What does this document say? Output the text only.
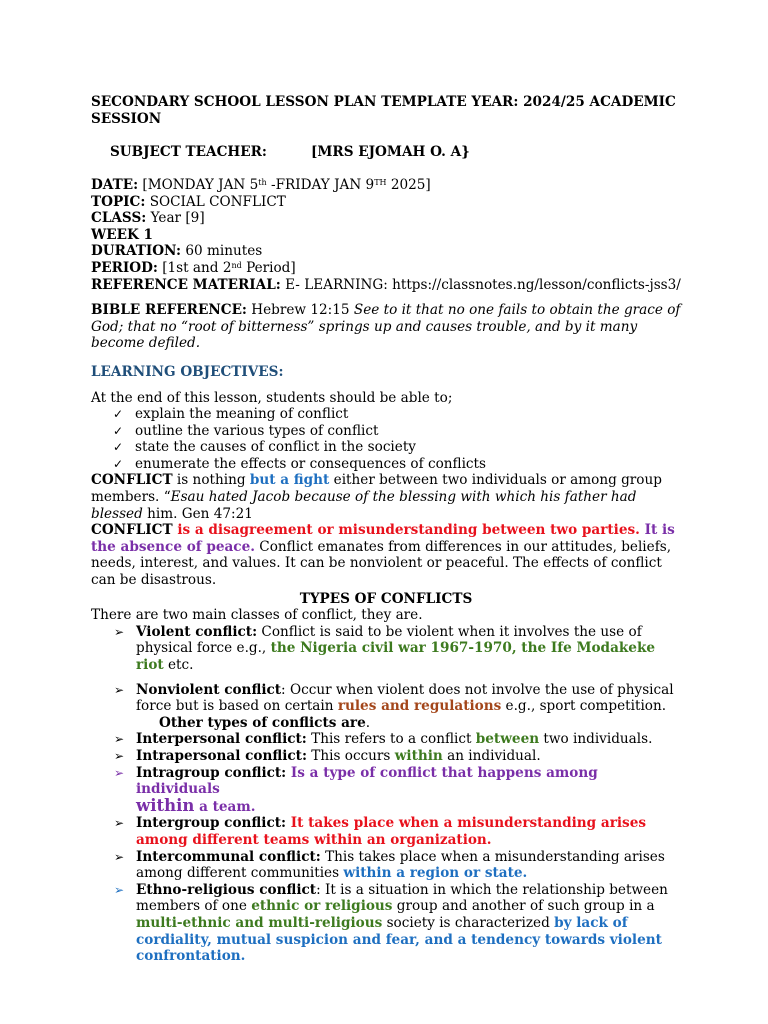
SECONDARY SCHOOL LESSON PLAN TEMPLATE YEAR: 2024/25 ACADEMIC
SESSION

SUBJECT TEACHER:	[MRS EJOMAH O. A}

DATE: [MONDAY JAN 5th -FRIDAY JAN 9TH 2025]

TOPIC: SOCIAL CONFLICT

CLASS: Year [9]

WEEK 1

DURATION: 60 minutes

PERIOD: [1st and 2nd Period]

REFERENCE MATERIAL: E- LEARNING: https://classnotes.ng/lesson/conflicts-jss3/

BIBLE REFERENCE: Hebrew 12:15 See to it that no one fails to obtain the grace of God; that no “root of bitterness” springs up and causes trouble, and by it many become defiled.

LEARNING OBJECTIVES:

At the end of this lesson, students should be able to;

✓ explain the meaning of conflict
✓ outline the various types of conflict
✓ state the causes of conflict in the society
✓ enumerate the effects or consequences of conflicts

CONFLICT is nothing but a fight either between two individuals or among group members. “Esau hated Jacob because of the blessing with which his father had blessed him. Gen 47:21

CONFLICT is a disagreement or misunderstanding between two parties. It is the absence of peace. Conflict emanates from differences in our attitudes, beliefs, needs, interest, and values. It can be nonviolent or peaceful. The effects of conflict can be disastrous.

TYPES OF CONFLICTS

There are two main classes of conflict, they are.

➢ Violent conflict: Conflict is said to be violent when it involves the use of physical force e.g., the Nigeria civil war 1967-1970, the Ife Modakeke riot etc.
➢ Nonviolent conflict: Occur when violent does not involve the use of physical force but is based on certain rules and regulations e.g., sport competition.

Other types of conflicts are.

➢ Interpersonal conflict: This refers to a conflict between two individuals.
➢ Intrapersonal conflict: This occurs within an individual.
➢ Intragroup conflict: Is a type of conflict that happens among individuals
within a team.
➢ Intergroup conflict: It takes place when a misunderstanding arises among different teams within an organization.
➢ Intercommunal conflict: This takes place when a misunderstanding arises among different communities within a region or state.
➢ Ethno-religious conflict: It is a situation in which the relationship between members of one ethnic or religious group and another of such group in a multi-ethnic and multi-religious society is characterized by lack of cordiality, mutual suspicion and fear, and a tendency towards violent confrontation.
